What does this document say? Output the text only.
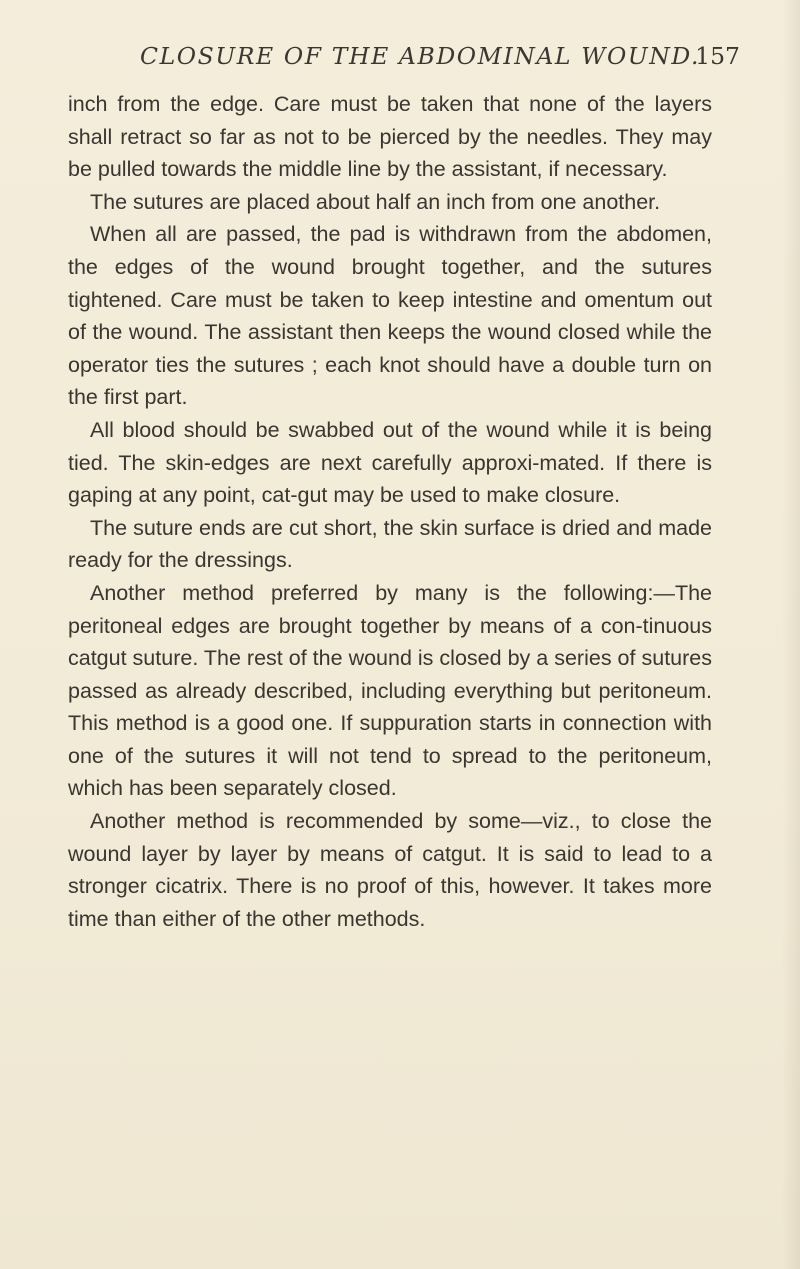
CLOSURE OF THE ABDOMINAL WOUND.
157

inch from the edge. Care must be taken that none of the layers shall retract so far as not to be pierced by the needles. They may be pulled towards the middle line by the assistant, if necessary.

The sutures are placed about half an inch from one another.

When all are passed, the pad is withdrawn from the abdomen, the edges of the wound brought together, and the sutures tightened. Care must be taken to keep intestine and omentum out of the wound. The assistant then keeps the wound closed while the operator ties the sutures ; each knot should have a double turn on the first part.

All blood should be swabbed out of the wound while it is being tied. The skin-edges are next carefully approxi-mated. If there is gaping at any point, cat-gut may be used to make closure.

The suture ends are cut short, the skin surface is dried and made ready for the dressings.

Another method preferred by many is the following:—The peritoneal edges are brought together by means of a con-tinuous catgut suture. The rest of the wound is closed by a series of sutures passed as already described, including everything but peritoneum. This method is a good one. If suppuration starts in connection with one of the sutures it will not tend to spread to the peritoneum, which has been separately closed.

Another method is recommended by some—viz., to close the wound layer by layer by means of catgut. It is said to lead to a stronger cicatrix. There is no proof of this, however. It takes more time than either of the other methods.
